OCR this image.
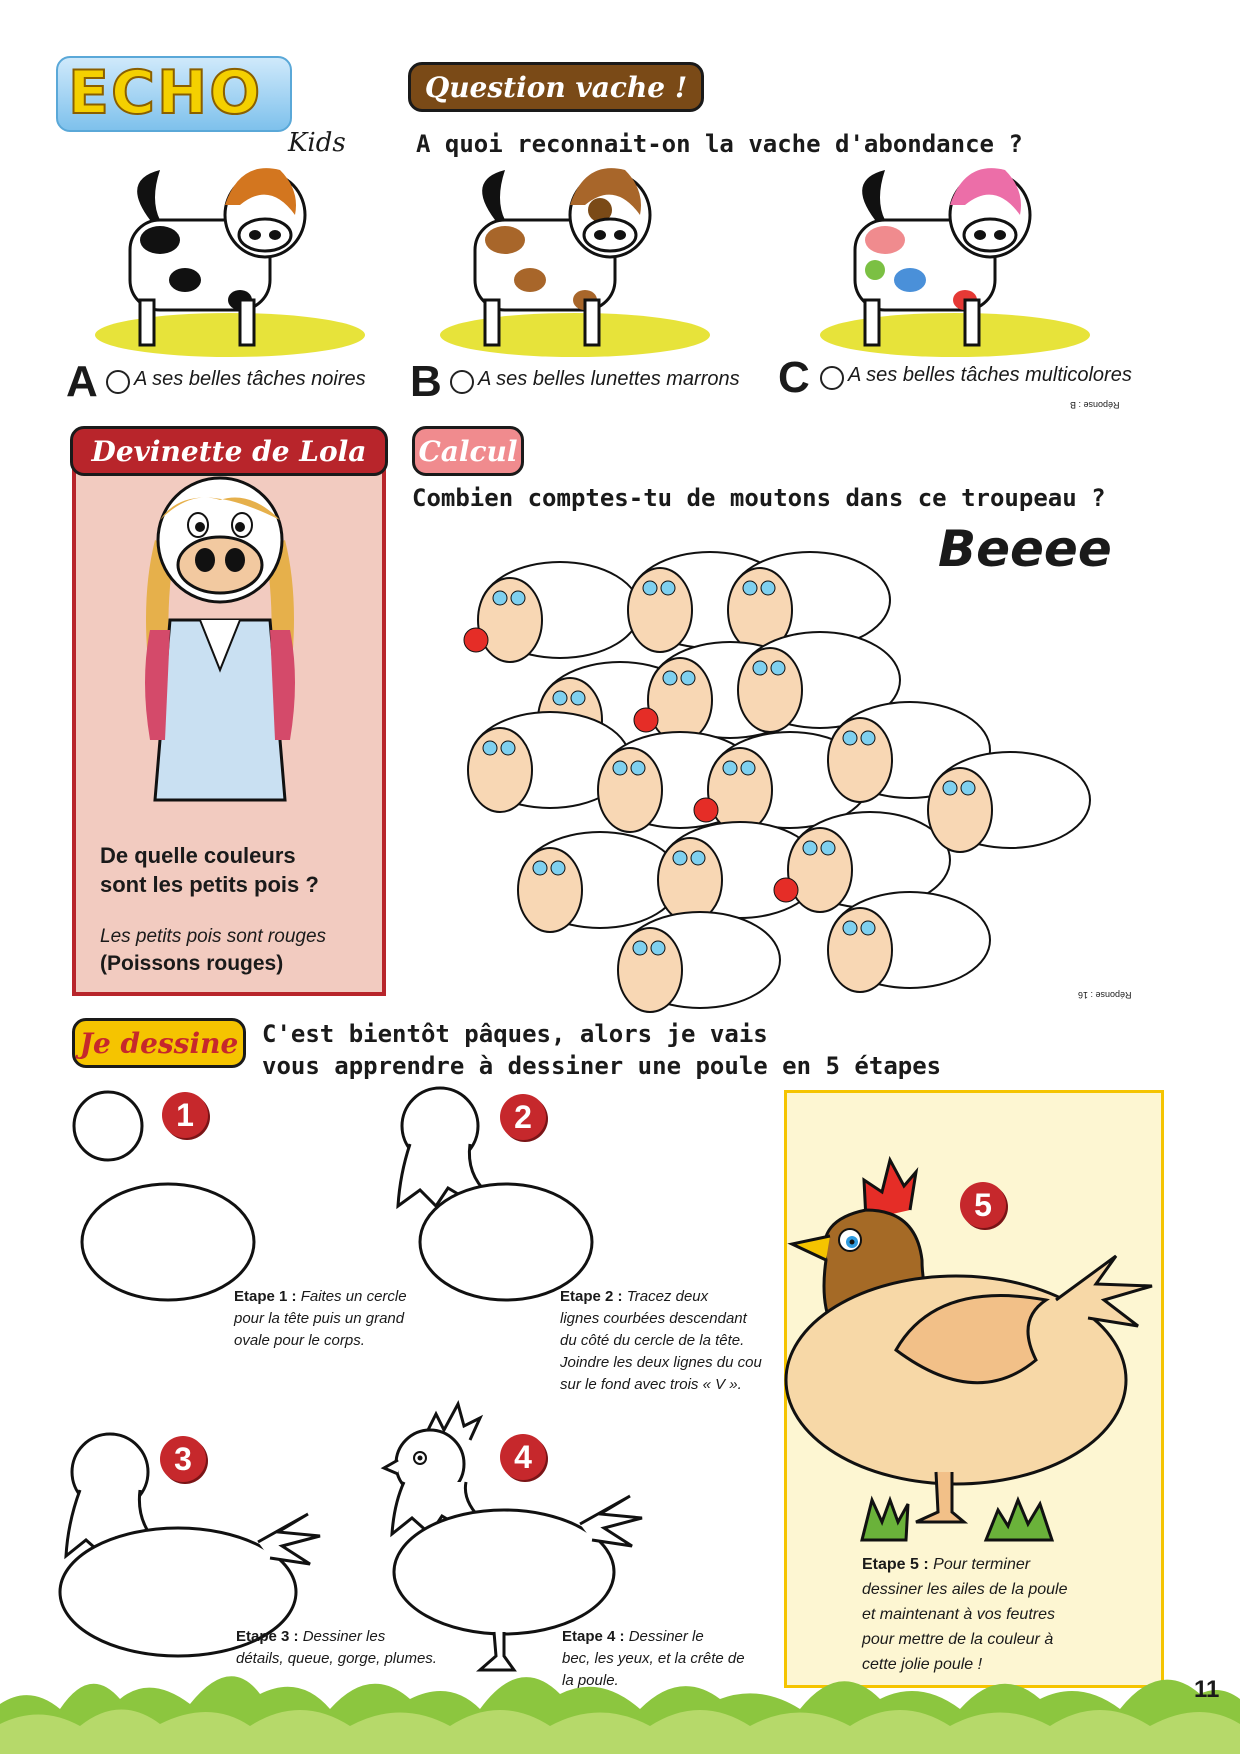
ECHO
Kids
Question vache !
A quoi reconnait-on la vache d'abondance ?
A A ses belles tâches noires B A ses belles lunettes marrons C A ses belles tâches multicolores
Réponse : B
Devinette de Lola
De quelle couleurs
sont les petits pois ?
Les petits pois sont rouges
(Poissons rouges)
Calcul
Combien comptes-tu de moutons dans ce troupeau ?
Beeee
Réponse : 16
Je dessine C'est bientôt pâques, alors je vais
vous apprendre à dessiner une poule en 5 étapes
1
Etape 1 : Faites un cercle
pour la tête puis un grand
ovale pour le corps.
2
Etape 2 : Tracez deux
lignes courbées descendant
du côté du cercle de la tête.
Joindre les deux lignes du cou
sur le fond avec trois « V ».
3
Etape 3 : Dessiner les
détails, queue, gorge, plumes.
4
Etape 4 : Dessiner le
bec, les yeux, et la crête de
la poule.
5
Etape 5 : Pour terminer
dessiner les ailes de la poule
et maintenant à vos feutres
pour mettre de la couleur à
cette jolie poule !
11
